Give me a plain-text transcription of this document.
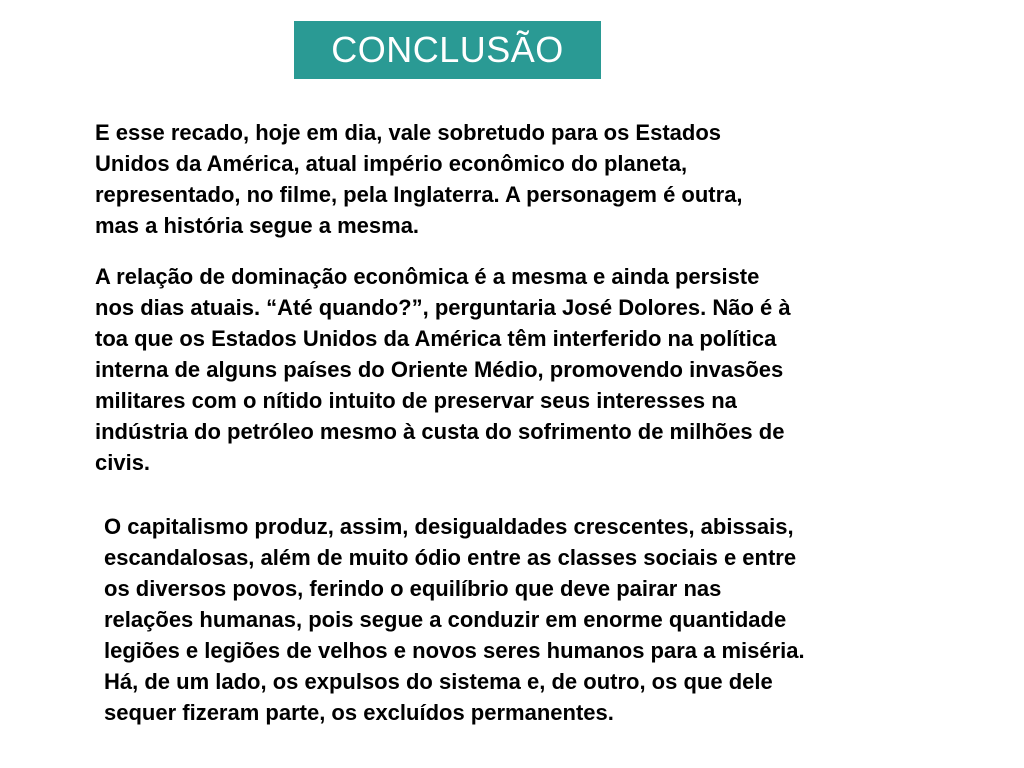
CONCLUSÃO

E esse recado, hoje em dia, vale sobretudo para os Estados
Unidos da América, atual império econômico do planeta,
representado, no filme, pela Inglaterra. A personagem é outra,
mas a história segue a mesma.

A relação de dominação econômica é a mesma e ainda persiste
nos dias atuais. “Até quando?”, perguntaria José Dolores. Não é à
toa que os Estados Unidos da América têm interferido na política
interna de alguns países do Oriente Médio, promovendo invasões
militares com o nítido intuito de preservar seus interesses na
indústria do petróleo mesmo à custa do sofrimento de milhões de
civis.

O capitalismo produz, assim, desigualdades crescentes, abissais,
escandalosas, além de muito ódio entre as classes sociais e entre
os diversos povos, ferindo o equilíbrio que deve pairar nas
relações humanas, pois segue a conduzir em enorme quantidade
legiões e legiões de velhos e novos seres humanos para a miséria.
Há, de um lado, os expulsos do sistema e, de outro, os que dele
sequer fizeram parte, os excluídos permanentes.
